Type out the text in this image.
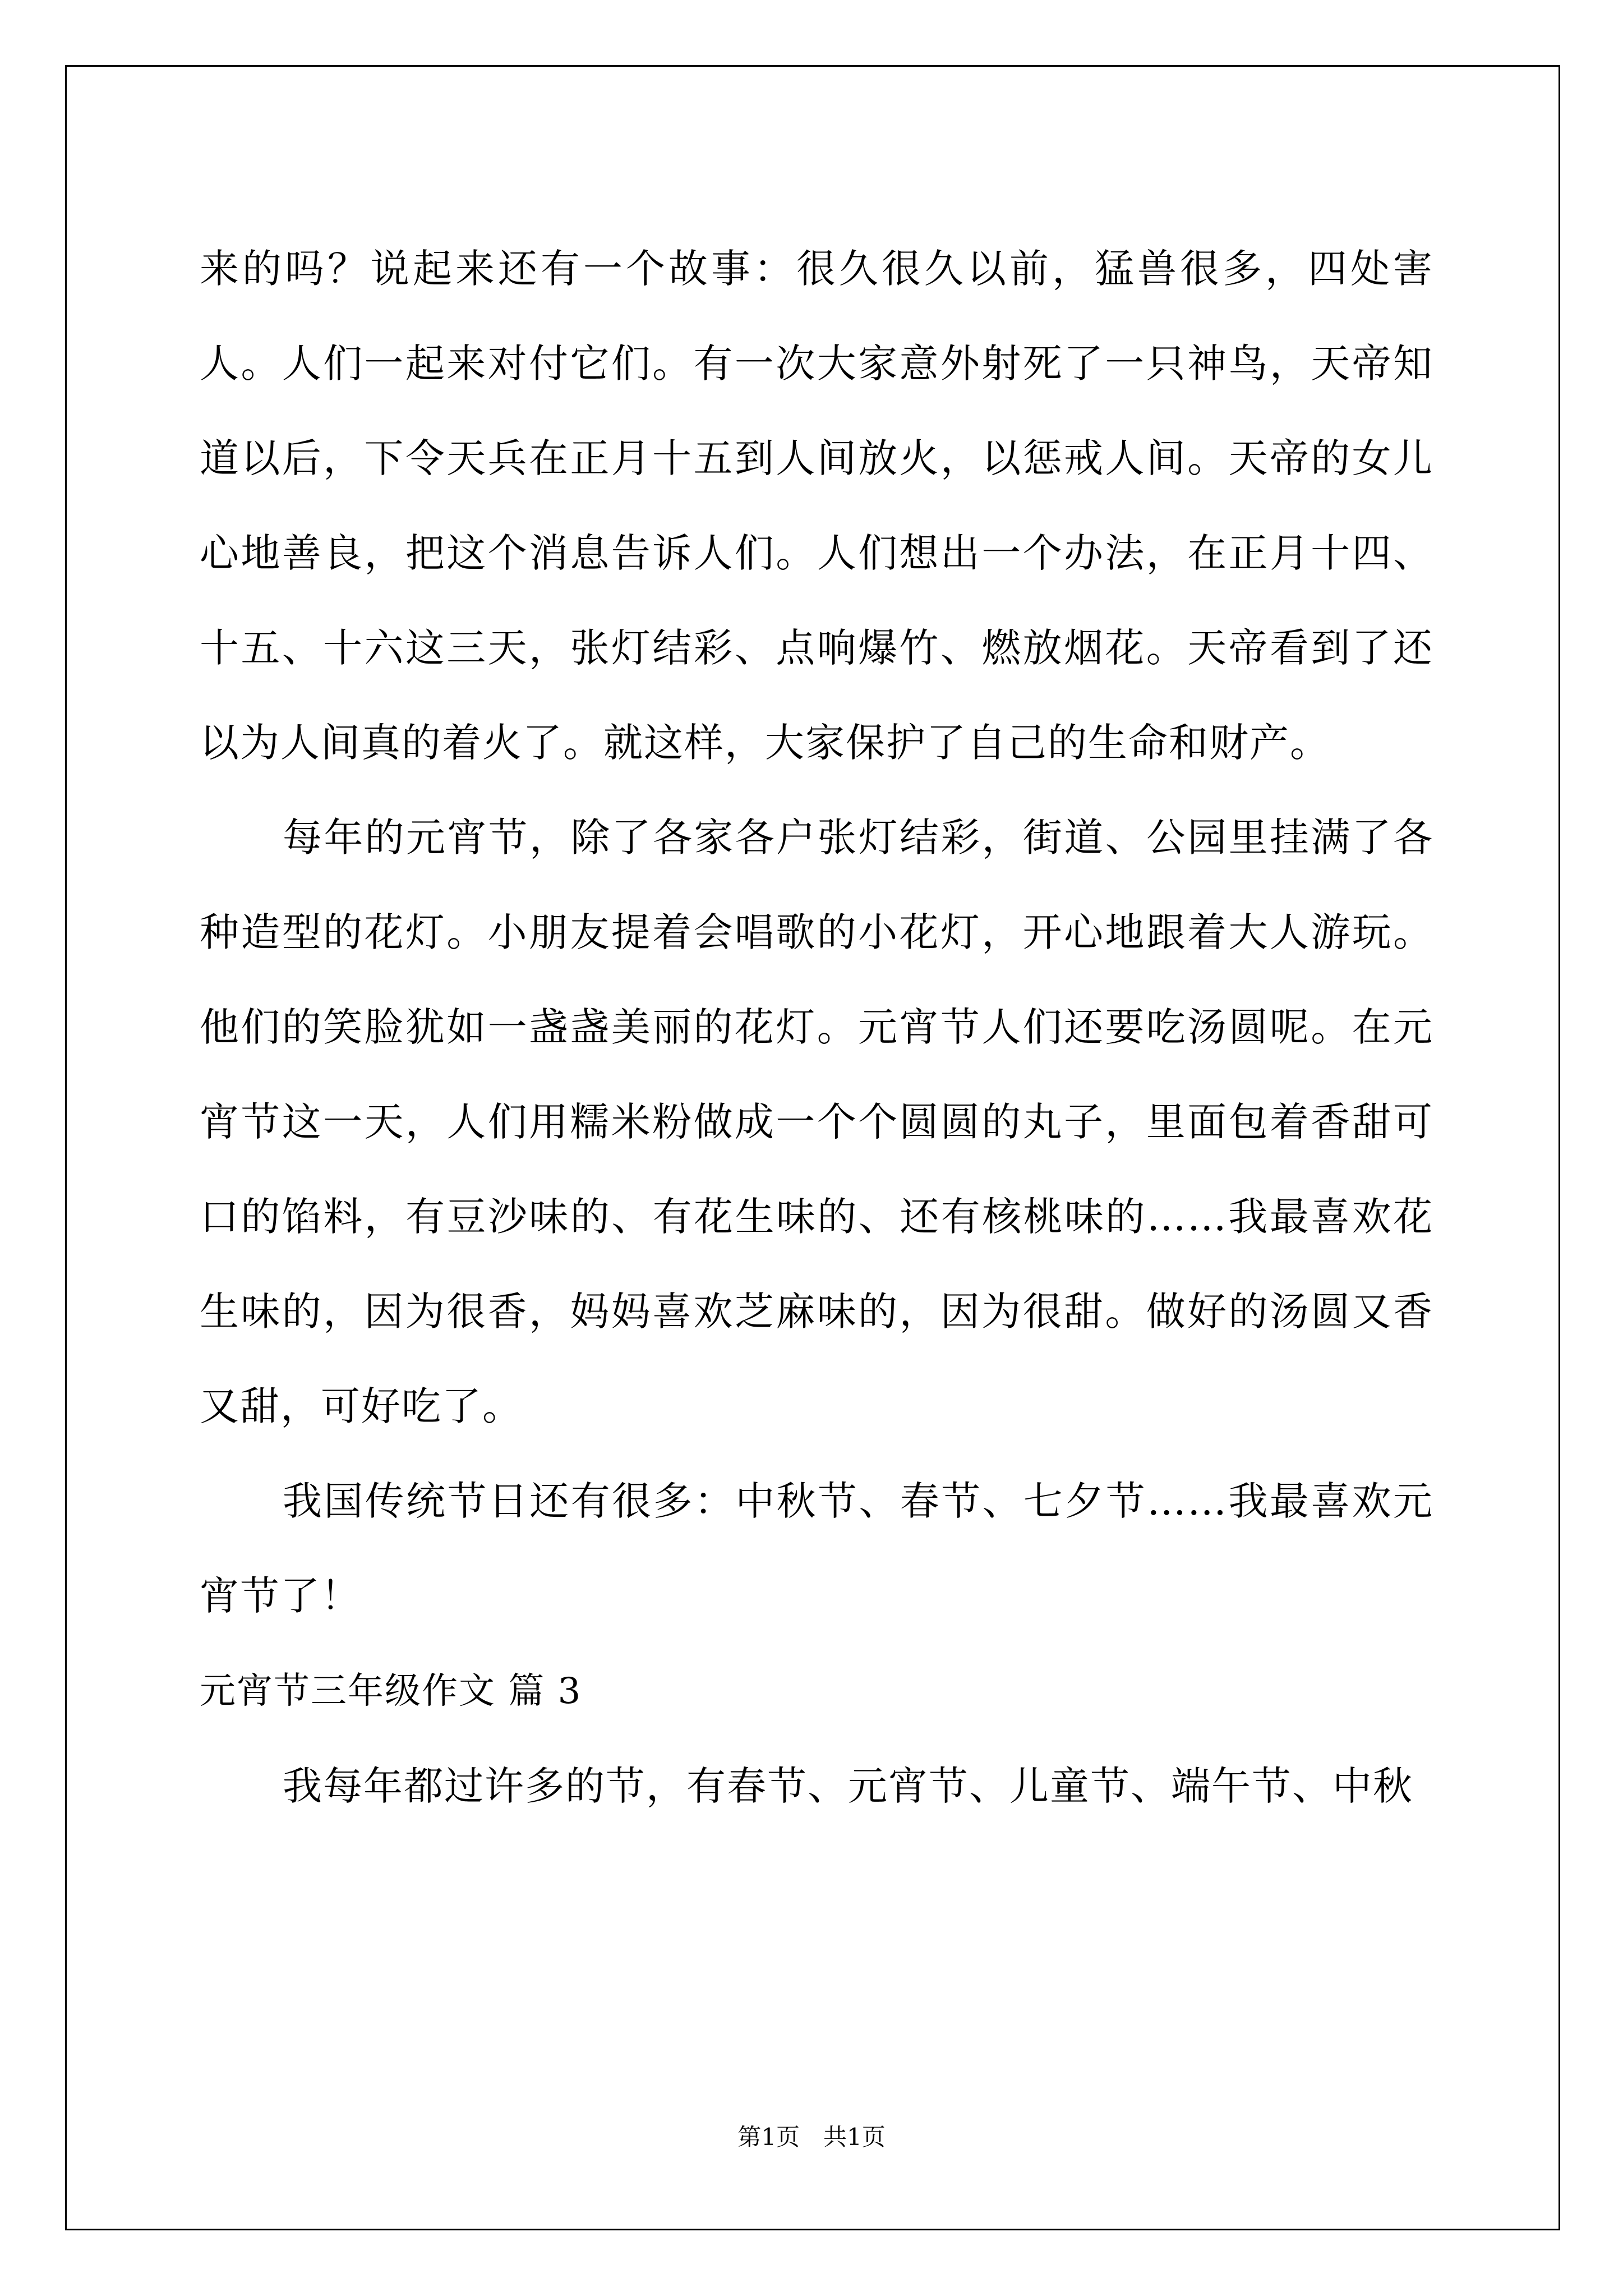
来的吗？说起来还有一个故事：很久很久以前，猛兽很多，四处害人。人们一起来对付它们。有一次大家意外射死了一只神鸟，天帝知道以后，下令天兵在正月十五到人间放火，以惩戒人间。天帝的女儿心地善良，把这个消息告诉人们。人们想出一个办法，在正月十四、十五、十六这三天，张灯结彩、点响爆竹、燃放烟花。天帝看到了还以为人间真的着火了。就这样，大家保护了自己的生命和财产。

每年的元宵节，除了各家各户张灯结彩，街道、公园里挂满了各种造型的花灯。小朋友提着会唱歌的小花灯，开心地跟着大人游玩。他们的笑脸犹如一盏盏美丽的花灯。元宵节人们还要吃汤圆呢。在元宵节这一天，人们用糯米粉做成一个个圆圆的丸子，里面包着香甜可口的馅料，有豆沙味的、有花生味的、还有核桃味的……我最喜欢花生味的，因为很香，妈妈喜欢芝麻味的，因为很甜。做好的汤圆又香又甜，可好吃了。

我国传统节日还有很多：中秋节、春节、七夕节……我最喜欢元宵节了！

元宵节三年级作文 篇 3

我每年都过许多的节，有春节、元宵节、儿童节、端午节、中秋

第1页　共1页
